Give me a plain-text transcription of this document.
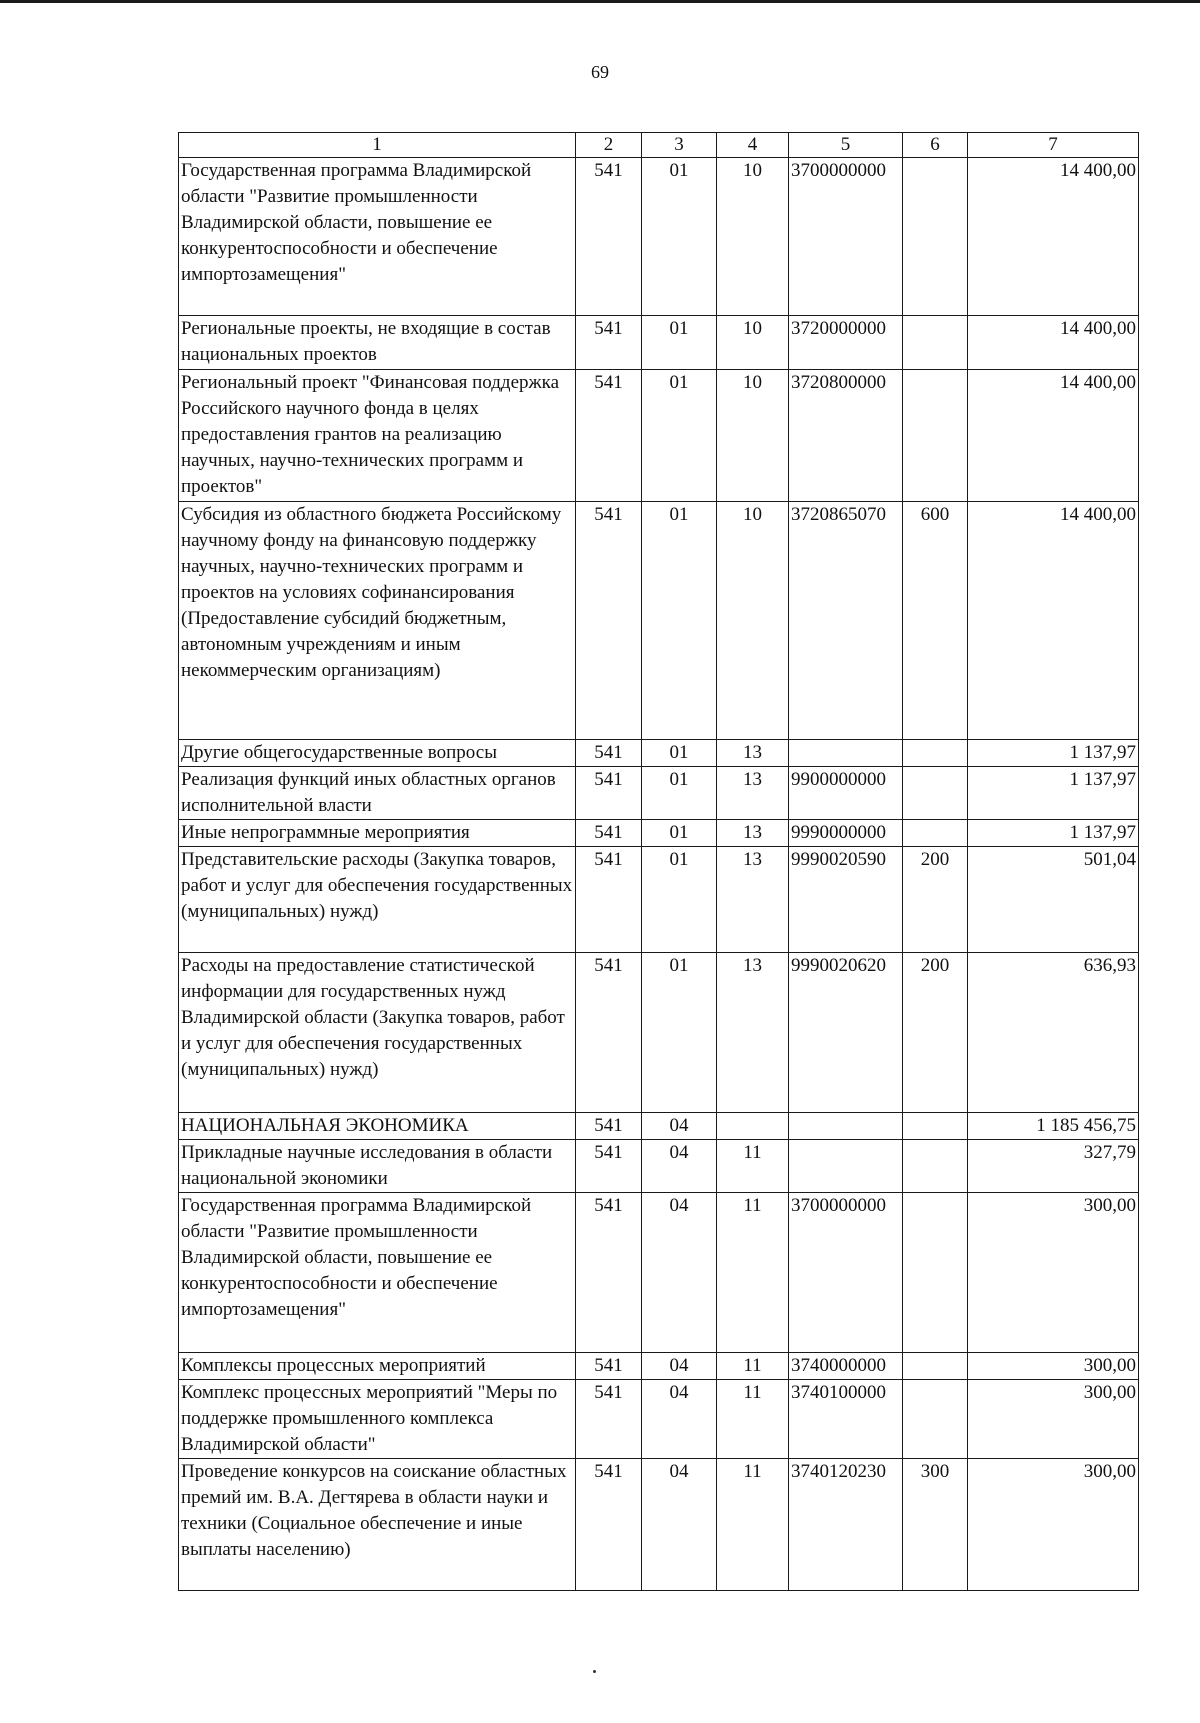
69
1	2	3	4	5	6	7
Государственная программа Владимирской области "Развитие промышленности Владимирской области, повышение ее конкурентоспособности и обеспечение импортозамещения"	541	01	10	3700000000		14 400,00
Региональные проекты, не входящие в состав национальных проектов	541	01	10	3720000000		14 400,00
Региональный проект "Финансовая поддержка Российского научного фонда в целях предоставления грантов на реализацию научных, научно-технических программ и проектов"	541	01	10	3720800000		14 400,00
Субсидия из областного бюджета Российскому научному фонду на финансовую поддержку научных, научно-технических программ и проектов на условиях софинансирования (Предоставление субсидий бюджетным, автономным учреждениям и иным некоммерческим организациям)	541	01	10	3720865070	600	14 400,00
Другие общегосударственные вопросы	541	01	13			1 137,97
Реализация функций иных областных органов исполнительной власти	541	01	13	9900000000		1 137,97
Иные непрограммные мероприятия	541	01	13	9990000000		1 137,97
Представительские расходы (Закупка товаров, работ и услуг для обеспечения государственных (муниципальных) нужд)	541	01	13	9990020590	200	501,04
Расходы на предоставление статистической информации для государственных нужд Владимирской области (Закупка товаров, работ и услуг для обеспечения государственных (муниципальных) нужд)	541	01	13	9990020620	200	636,93
НАЦИОНАЛЬНАЯ ЭКОНОМИКА	541	04				1 185 456,75
Прикладные научные исследования в области национальной экономики	541	04	11			327,79
Государственная программа Владимирской области "Развитие промышленности Владимирской области, повышение ее конкурентоспособности и обеспечение импортозамещения"	541	04	11	3700000000		300,00
Комплексы процессных мероприятий	541	04	11	3740000000		300,00
Комплекс процессных мероприятий "Меры по поддержке промышленного комплекса Владимирской области"	541	04	11	3740100000		300,00
Проведение конкурсов на соискание областных премий им. В.А. Дегтярева в области науки и техники (Социальное обеспечение и иные выплаты населению)	541	04	11	3740120230	300	300,00
